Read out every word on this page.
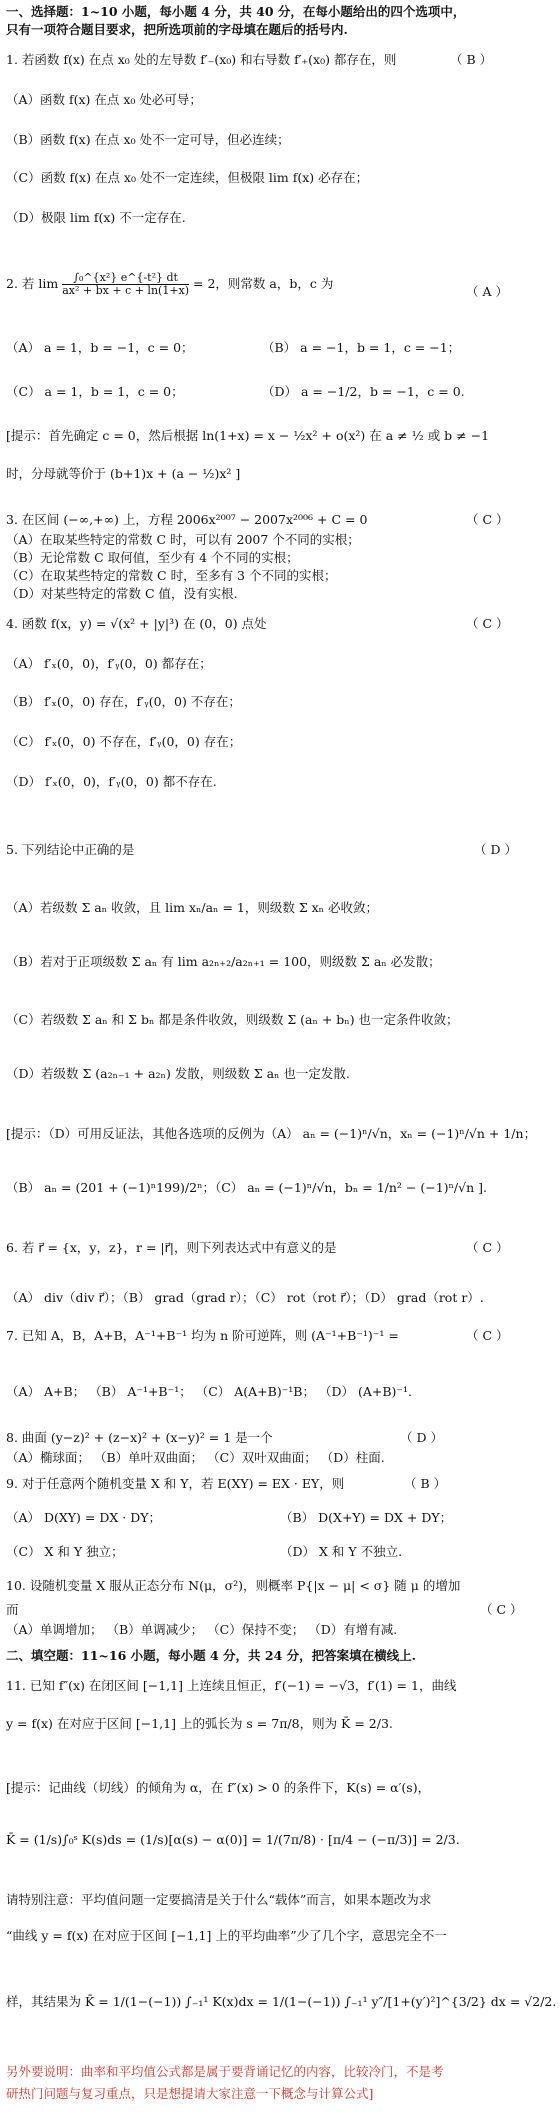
一、选择题：1~10 小题，每小题 4 分，共 40 分，在每小题给出的四个选项中，
只有一项符合题目要求，把所选项前的字母填在题后的括号内.
1. 若函数 f(x) 在点 x₀ 处的左导数 f′₋(x₀) 和右导数 f′₊(x₀) 都存在，则	（ B ）
（A）函数 f(x) 在点 x₀ 处必可导；
（B）函数 f(x) 在点 x₀ 处不一定可导，但必连续；
（C）函数 f(x) 在点 x₀ 处不一定连续，但极限 lim f(x) 必存在；
（D）极限 lim f(x) 不一定存在.
2. 若 $\lim \frac{\text{∫₀\textasciicircum{}\{x²\} e\textasciicircum{}\{-t²\} dt}}{\text{ax² + bx + c + ln(1+x)}} = 2$，则常数 a，b，c 为
（ A ）
（A） a = 1，b = −1，c = 0；	（B） a = −1，b = 1，c = −1；
（C） a = 1，b = 1，c = 0；	（D） a = −1/2，b = −1，c = 0.
[提示：首先确定 c = 0，然后根据 ln(1+x) = x − ½x² + o(x²) 在 a ≠ ½ 或 b ≠ −1
时，分母就等价于 (b+1)x + (a − ½)x² ]
3. 在区间 (−∞,+∞) 上，方程 2006x²⁰⁰⁷ − 2007x²⁰⁰⁶ + C = 0	（ C ）
（A）在取某些特定的常数 C 时，可以有 2007 个不同的实根；
（B）无论常数 C 取何值，至少有 4 个不同的实根；
（C）在取某些特定的常数 C 时，至多有 3 个不同的实根；
（D）对某些特定的常数 C 值，没有实根.
4. 函数 f(x，y) = √(x² + |y|³) 在 (0，0) 点处	（ C ）
（A） f′ₓ(0，0)，f′ᵧ(0，0) 都存在；
（B） f′ₓ(0，0) 存在，f′ᵧ(0，0) 不存在；
（C） f′ₓ(0，0) 不存在，f′ᵧ(0，0) 存在；
（D） f′ₓ(0，0)，f′ᵧ(0，0) 都不存在.
5. 下列结论中正确的是	（ D ）
（A）若级数 Σ aₙ 收敛，且 lim xₙ/aₙ = 1，则级数 Σ xₙ 必收敛；
（B）若对于正项级数 Σ aₙ 有 lim a₂ₙ₊₂/a₂ₙ₊₁ = 100，则级数 Σ aₙ 必发散；
（C）若级数 Σ aₙ 和 Σ bₙ 都是条件收敛，则级数 Σ (aₙ + bₙ) 也一定条件收敛；
（D）若级数 Σ (a₂ₙ₋₁ + a₂ₙ) 发散，则级数 Σ aₙ 也一定发散.
[提示：（D）可用反证法，其他各选项的反例为（A） aₙ = (−1)ⁿ/√n，xₙ = (−1)ⁿ/√n + 1/n；
（B） aₙ = (201 + (−1)ⁿ199)/2ⁿ；（C） aₙ = (−1)ⁿ/√n，bₙ = 1/n² − (−1)ⁿ/√n ].
6. 若 r⃗ = {x，y，z}，r = |r⃗|，则下列表达式中有意义的是	（ C ）
（A） div（div r⃗）；（B） grad（grad r）；（C） rot（rot r⃗）；（D） grad（rot r）.
7. 已知 A，B，A+B，A⁻¹+B⁻¹ 均为 n 阶可逆阵，则 (A⁻¹+B⁻¹)⁻¹ =	（ C ）
（A） A+B； （B） A⁻¹+B⁻¹； （C） A(A+B)⁻¹B； （D） (A+B)⁻¹.
8. 曲面 (y−z)² + (z−x)² + (x−y)² = 1 是一个	（ D ）
（A）椭球面； （B）单叶双曲面； （C）双叶双曲面； （D）柱面.
9. 对于任意两个随机变量 X 和 Y，若 E(XY) = EX · EY，则	（ B ）
（A） D(XY) = DX · DY；	（B） D(X+Y) = DX + DY；
（C） X 和 Y 独立；	（D） X 和 Y 不独立.
10. 设随机变量 X 服从正态分布 N(μ，σ²)，则概率 P{|x − μ| < σ} 随 μ 的增加
而	（ C ）
（A）单调增加； （B）单调减少； （C）保持不变； （D）有增有减.
二、填空题：11~16 小题，每小题 4 分，共 24 分，把答案填在横线上.
11. 已知 f″(x) 在闭区间 [−1,1] 上连续且恒正，f′(−1) = −√3，f′(1) = 1，曲线
y = f(x) 在对应于区间 [−1,1] 上的弧长为 s = 7π/8，则为 K̄ = 2/3.
[提示：记曲线（切线）的倾角为 α，在 f″(x) > 0 的条件下，K(s) = α′(s)，
K̄ = (1/s)∫₀ˢ K(s)ds = (1/s)[α(s) − α(0)] = 1/(7π/8) · [π/4 − (−π/3)] = 2/3.
请特别注意：平均值问题一定要搞清是关于什么“载体”而言，如果本题改为求
“曲线 y = f(x) 在对应于区间 [−1,1] 上的平均曲率”少了几个字，意思完全不一
样，其结果为 K̄ = 1/(1−(−1)) ∫₋₁¹ K(x)dx = 1/(1−(−1)) ∫₋₁¹ y″/[1+(y′)²]^{3/2} dx = √2/2.
另外要说明：曲率和平均值公式都是属于要背诵记忆的内容，比较冷门，不是考
研热门问题与复习重点，只是想提请大家注意一下概念与计算公式]
